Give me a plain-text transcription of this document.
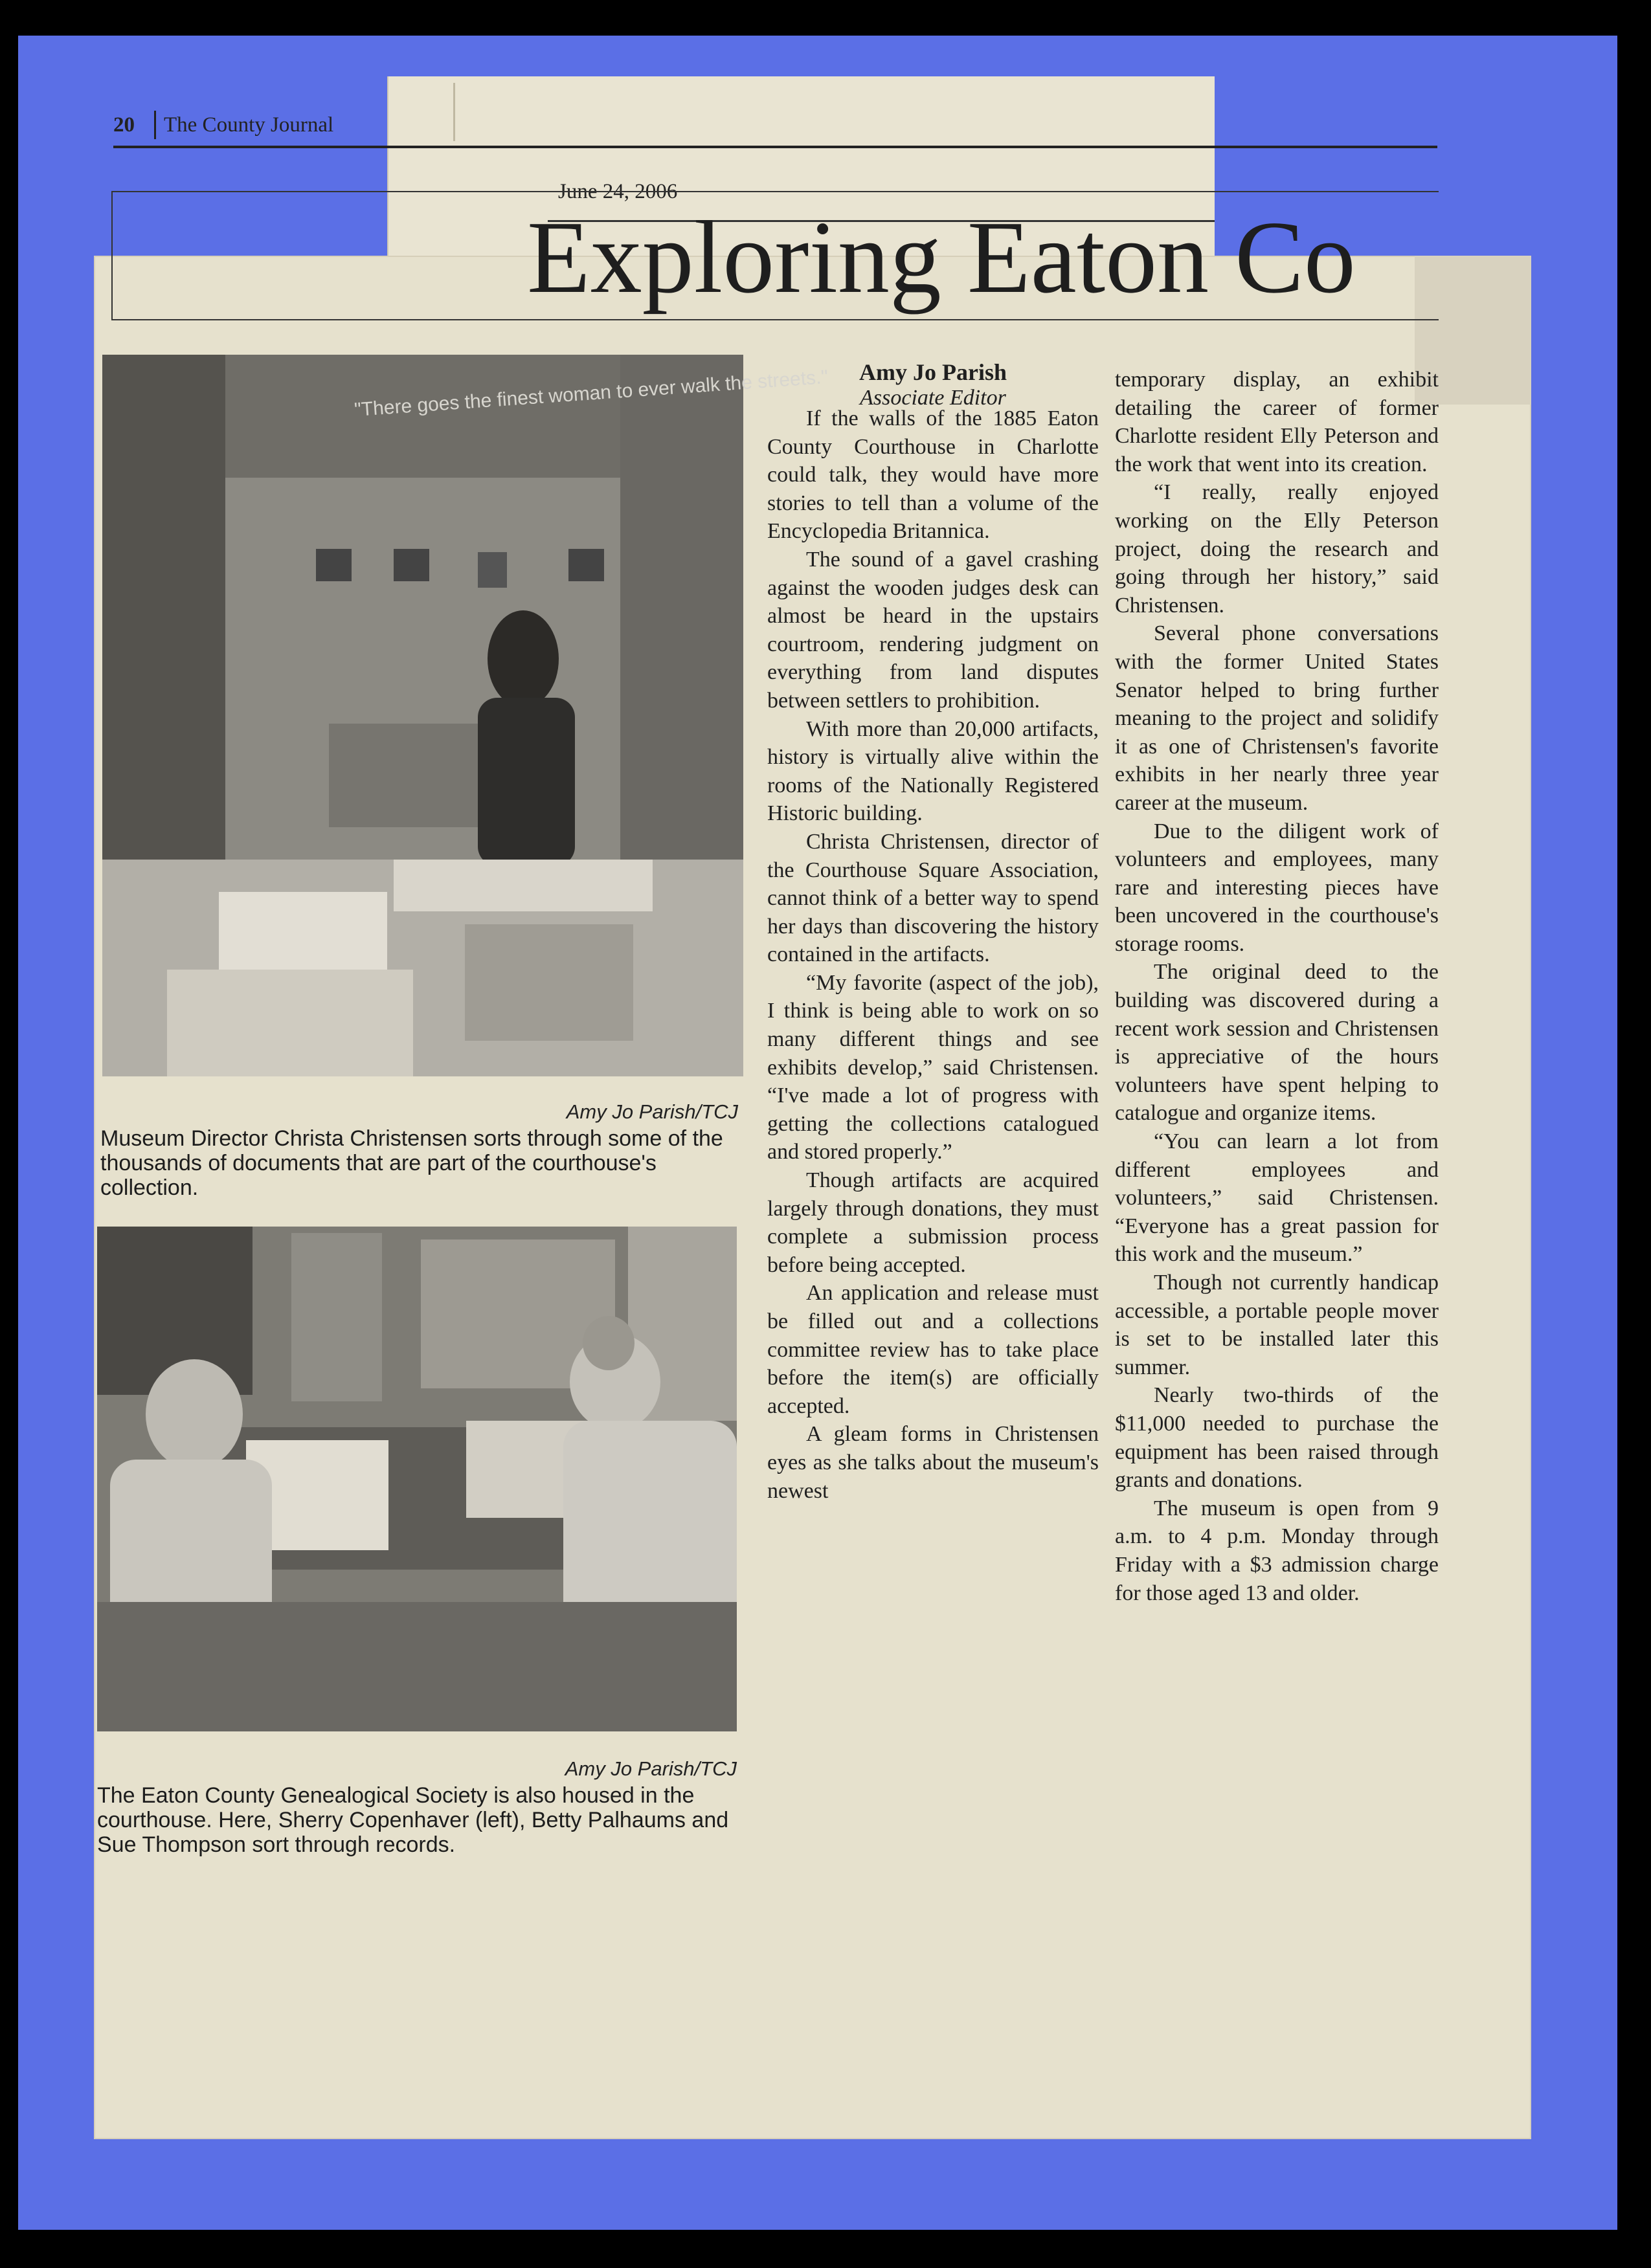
June 24, 2006
20 The County Journal
Exploring Eaton Co
"There goes the finest woman to ever walk the streets."
Amy Jo Parish/TCJ
Museum Director Christa Christensen sorts through some of the thousands of documents that are part of the courthouse's collection.
Amy Jo Parish/TCJ
The Eaton County Genealogical Society is also housed in the courthouse. Here, Sherry Copenhaver (left), Betty Palhaums and Sue Thompson sort through records.
Amy Jo Parish
Associate Editor

If the walls of the 1885 Eaton County Courthouse in Charlotte could talk, they would have more stories to tell than a volume of the Encyclopedia Britannica.

The sound of a gavel crashing against the wooden judges desk can almost be heard in the upstairs courtroom, rendering judgment on everything from land disputes between settlers to prohibition.

With more than 20,000 artifacts, history is virtually alive within the rooms of the Nationally Registered Historic building.

Christa Christensen, director of the Courthouse Square Association, cannot think of a better way to spend her days than discovering the history contained in the artifacts.

“My favorite (aspect of the job), I think is being able to work on so many different things and see exhibits develop,” said Christensen. “I've made a lot of progress with getting the collections catalogued and stored properly.”

Though artifacts are acquired largely through donations, they must complete a submission process before being accepted.

An application and release must be filled out and a collections committee review has to take place before the item(s) are officially accepted.

A gleam forms in Christensen eyes as she talks about the museum's newest

temporary display, an exhibit detailing the career of former Charlotte resident Elly Peterson and the work that went into its creation.

“I really, really enjoyed working on the Elly Peterson project, doing the research and going through her history,” said Christensen.

Several phone conversations with the former United States Senator helped to bring further meaning to the project and solidify it as one of Christensen's favorite exhibits in her nearly three year career at the museum.

Due to the diligent work of volunteers and employees, many rare and interesting pieces have been uncovered in the courthouse's storage rooms.

The original deed to the building was discovered during a recent work session and Christensen is appreciative of the hours volunteers have spent helping to catalogue and organize items.

“You can learn a lot from different employees and volunteers,” said Christensen. “Everyone has a great passion for this work and the museum.”

Though not currently handicap accessible, a portable people mover is set to be installed later this summer.

Nearly two-thirds of the $11,000 needed to purchase the equipment has been raised through grants and donations.

The museum is open from 9 a.m. to 4 p.m. Monday through Friday with a $3 admission charge for those aged 13 and older.
